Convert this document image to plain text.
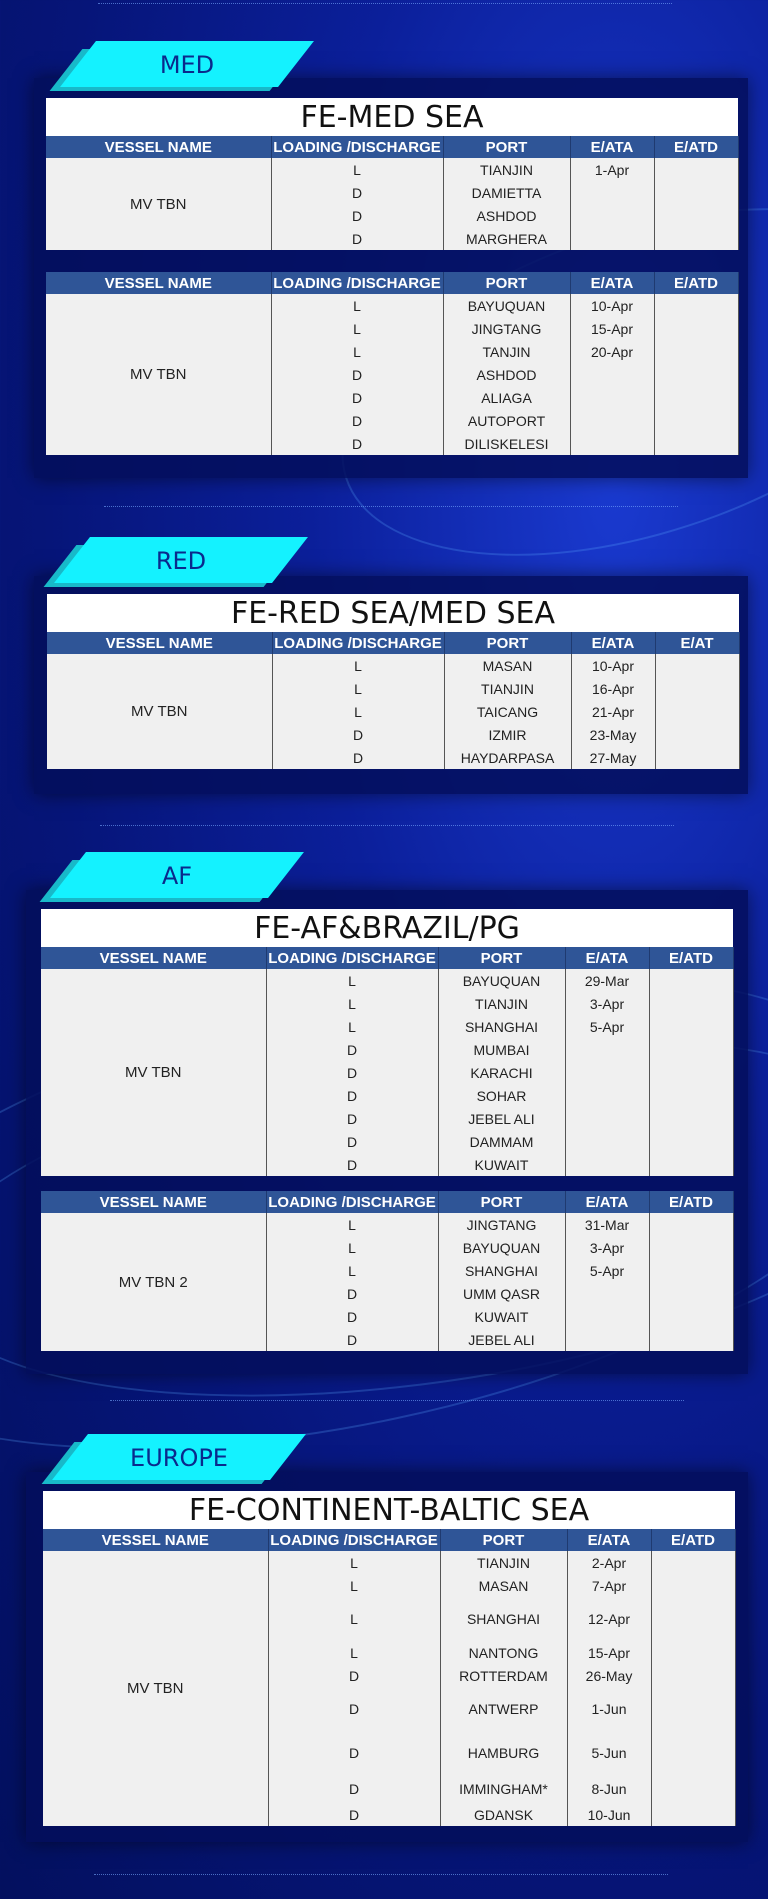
MED
FE-MED SEA
VESSEL NAME	LOADING /DISCHARGE	PORT	E/ATA	E/ATD
MV TBN	L	TIANJIN	1-Apr	
	D	DAMIETTA		
	D	ASHDOD		
	D	MARGHERA		
VESSEL NAME	LOADING /DISCHARGE	PORT	E/ATA	E/ATD
MV TBN	L	BAYUQUAN	10-Apr	
	L	JINGTANG	15-Apr	
	L	TANJIN	20-Apr	
	D	ASHDOD		
	D	ALIAGA		
	D	AUTOPORT		
	D	DILISKELESI		
RED
FE-RED SEA/MED SEA
VESSEL NAME	LOADING /DISCHARGE	PORT	E/ATA	E/AT
MV TBN	L	MASAN	10-Apr	
	L	TIANJIN	16-Apr	
	L	TAICANG	21-Apr	
	D	IZMIR	23-May	
	D	HAYDARPASA	27-May	
AF
FE-AF&BRAZIL/PG
VESSEL NAME	LOADING /DISCHARGE	PORT	E/ATA	E/ATD
MV TBN	L	BAYUQUAN	29-Mar	
	L	TIANJIN	3-Apr	
	L	SHANGHAI	5-Apr	
	D	MUMBAI		
	D	KARACHI		
	D	SOHAR		
	D	JEBEL ALI		
	D	DAMMAM		
	D	KUWAIT		
VESSEL NAME	LOADING /DISCHARGE	PORT	E/ATA	E/ATD
MV TBN 2	L	JINGTANG	31-Mar	
	L	BAYUQUAN	3-Apr	
	L	SHANGHAI	5-Apr	
	D	UMM QASR		
	D	KUWAIT		
	D	JEBEL ALI		
EUROPE
FE-CONTINENT-BALTIC SEA
VESSEL NAME	LOADING /DISCHARGE	PORT	E/ATA	E/ATD
MV TBN	L	TIANJIN	2-Apr	
	L	MASAN	7-Apr	
	L	SHANGHAI	12-Apr	
	L	NANTONG	15-Apr	
	D	ROTTERDAM	26-May	
	D	ANTWERP	1-Jun	
	D	HAMBURG	5-Jun	
	D	IMMINGHAM*	8-Jun	
	D	GDANSK	10-Jun	
